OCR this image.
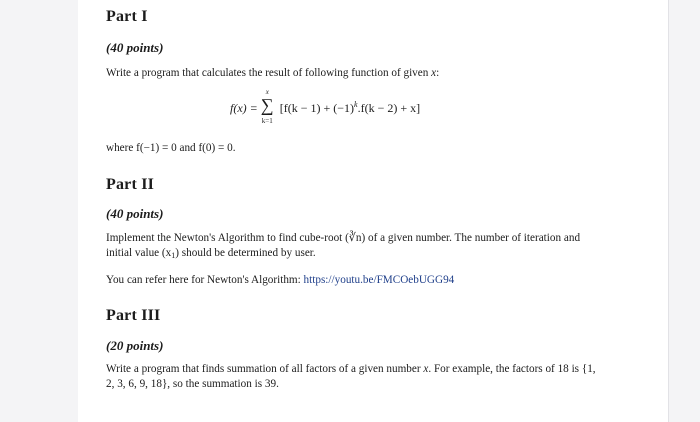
Part I
(40 points)
Write a program that calculates the result of following function of given x:
f(x) = ∑
x
k=1
$[f(k - 1) + (-1)^k.f(k - 2) + x]$
where f(−1) = 0 and f(0) = 0.
Part II
(40 points)
Implement the Newton's Algorithm to find cube-root (∛n) of a given number. The number of iteration and initial value $(x_1)$ should be determined by user.
You can refer here for Newton's Algorithm: https://youtu.be/FMCOebUGG94
Part III
(20 points)
Write a program that finds summation of all factors of a given number x. For example, the factors of 18 is {1, 2, 3, 6, 9, 18}, so the summation is 39.
